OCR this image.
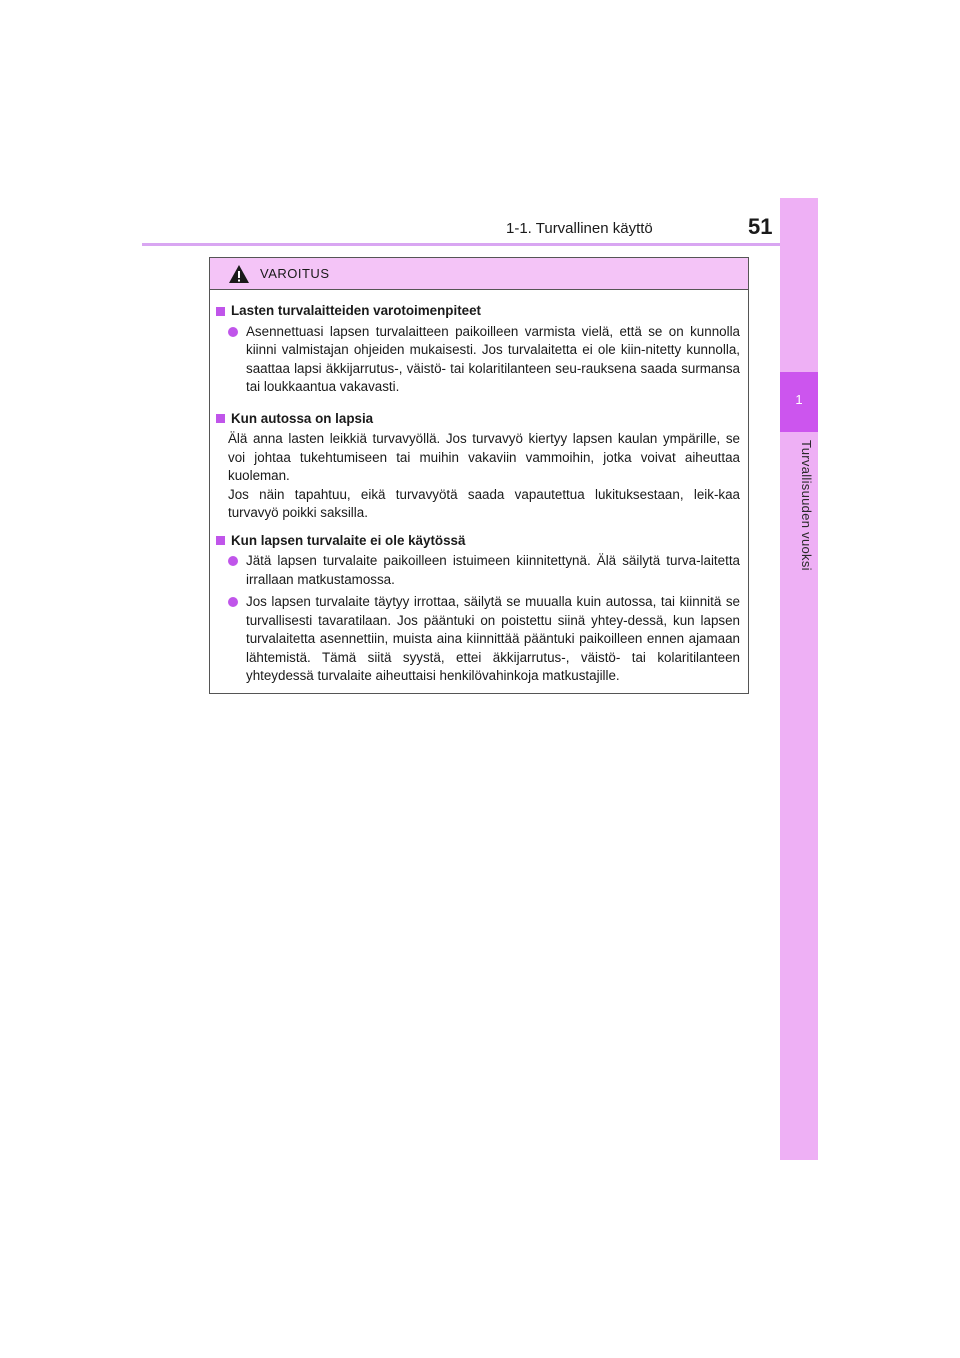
1-1. Turvallinen käyttö	51
1
Turvallisuuden vuoksi
VAROITUS
Lasten turvalaitteiden varotoimenpiteet
Asennettuasi lapsen turvalaitteen paikoilleen varmista vielä, että se on kunnolla kiinni valmistajan ohjeiden mukaisesti. Jos turvalaitetta ei ole kiin-nitetty kunnolla, saattaa lapsi äkkijarrutus-, väistö- tai kolaritilanteen seu-rauksena saada surmansa tai loukkaantua vakavasti.
Kun autossa on lapsia
Älä anna lasten leikkiä turvavyöllä. Jos turvavyö kiertyy lapsen kaulan ympärille, se voi johtaa tukehtumiseen tai muihin vakaviin vammoihin, jotka voivat aiheuttaa kuoleman.
Jos näin tapahtuu, eikä turvavyötä saada vapautettua lukituksestaan, leik-kaa turvavyö poikki saksilla.
Kun lapsen turvalaite ei ole käytössä
Jätä lapsen turvalaite paikoilleen istuimeen kiinnitettynä. Älä säilytä turva-laitetta irrallaan matkustamossa.
Jos lapsen turvalaite täytyy irrottaa, säilytä se muualla kuin autossa, tai kiinnitä se turvallisesti tavaratilaan. Jos pääntuki on poistettu siinä yhtey-dessä, kun lapsen turvalaitetta asennettiin, muista aina kiinnittää pääntuki paikoilleen ennen ajamaan lähtemistä. Tämä siitä syystä, ettei äkkijarrutus-, väistö- tai kolaritilanteen yhteydessä turvalaite aiheuttaisi henkilövahinkoja matkustajille.
